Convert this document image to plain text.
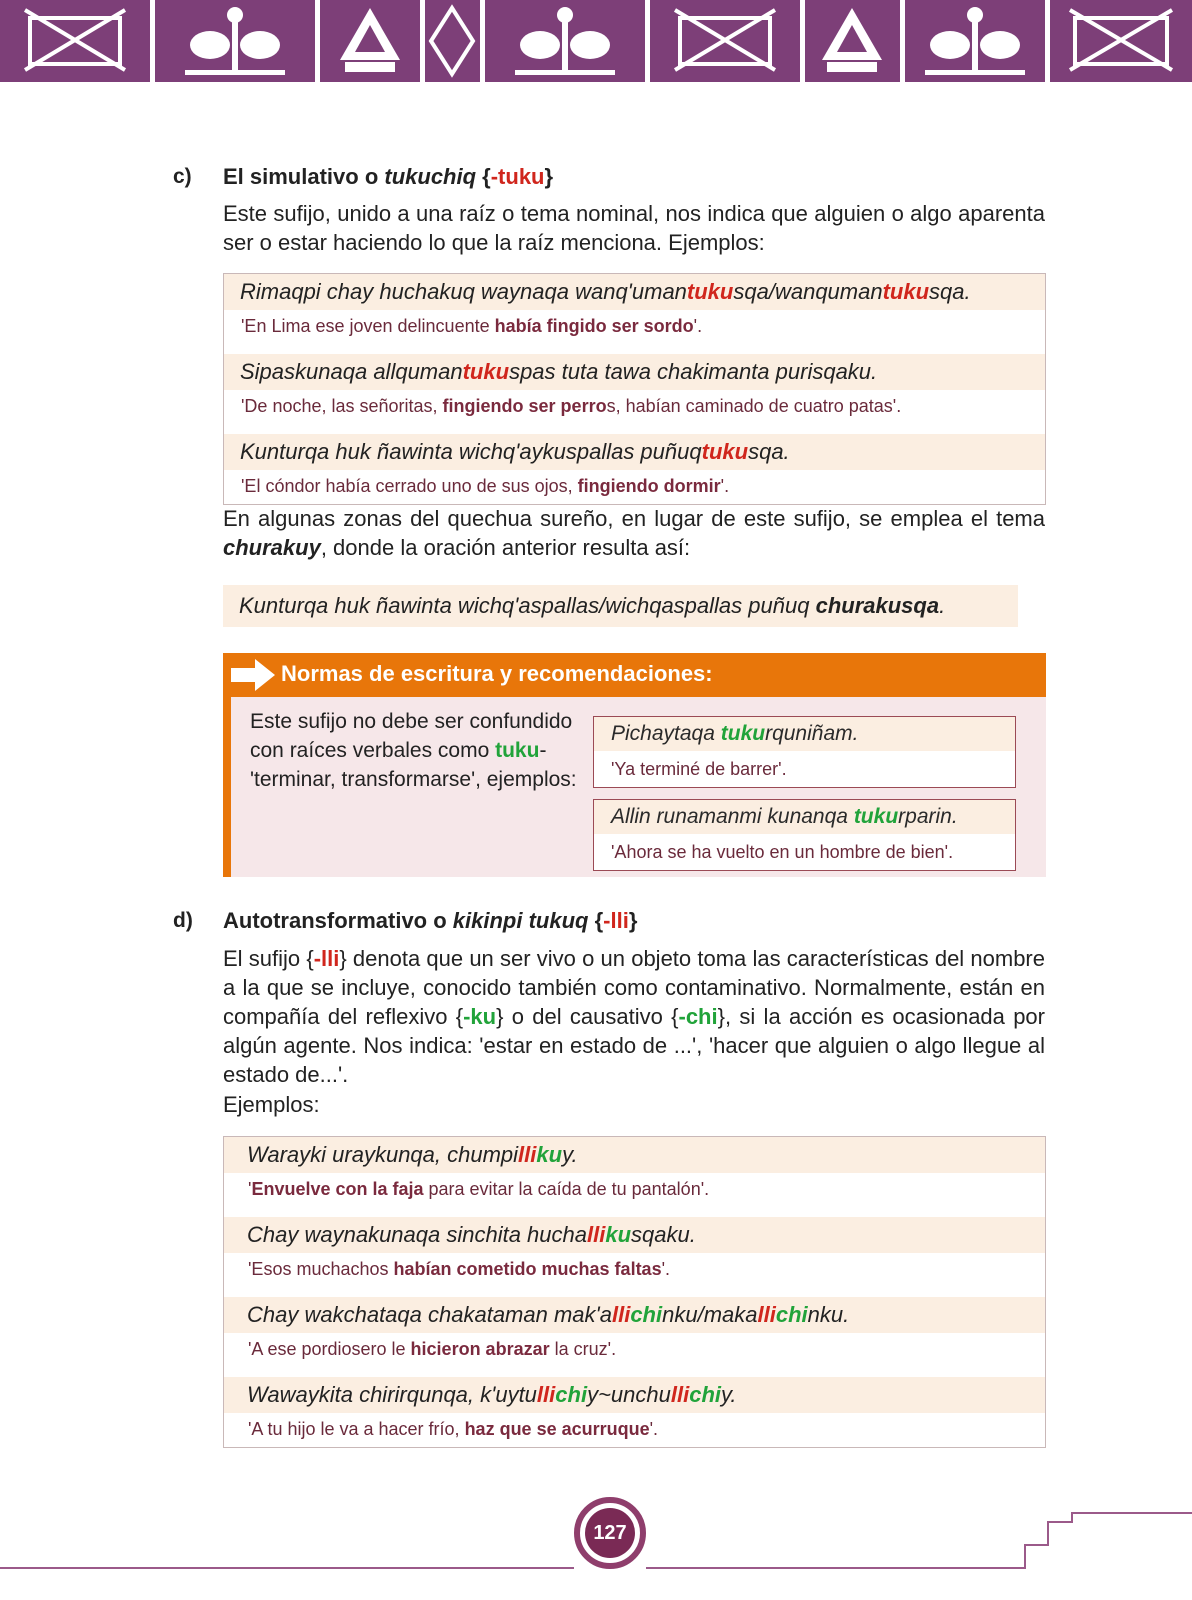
c) El simulativo o tukuchiq {-tuku}
Este sufijo, unido a una raíz o tema nominal, nos indica que alguien o algo aparenta ser o estar haciendo lo que la raíz menciona. Ejemplos:
Rimaqpi chay huchakuq waynaqa wanq'umantukusqa/wanqumantukusqa.
'En Lima ese joven delincuente había fingido ser sordo'.
Sipaskunaqa allqumantukuspas tuta tawa chakimanta purisqaku.
'De noche, las señoritas, fingiendo ser perros, habían caminado de cuatro patas'.
Kunturqa huk ñawinta wichq'aykuspallas puñuqtukusqa.
'El cóndor había cerrado uno de sus ojos, fingiendo dormir'.
En algunas zonas del quechua sureño, en lugar de este sufijo, se emplea el tema churakuy, donde la oración anterior resulta así:
Kunturqa huk ñawinta wichq'aspallas/wichqaspallas puñuq churakusqa.
Normas de escritura y recomendaciones:
Este sufijo no debe ser confundido con raíces verbales como tuku- 'terminar, transformarse', ejemplos:
Pichaytaqa tukurquniñam.
'Ya terminé de barrer'.
Allin runamanmi kunanqa tukurparin.
'Ahora se ha vuelto en un hombre de bien'.
d) Autotransformativo o kikinpi tukuq {-lli}
El sufijo {-lli} denota que un ser vivo o un objeto toma las características del nombre a la que se incluye, conocido también como contaminativo. Normalmente, están en compañía del reflexivo {-ku} o del causativo {-chi}, si la acción es ocasionada por algún agente. Nos indica: 'estar en estado de ...', 'hacer que alguien o algo llegue al estado de...'.
Ejemplos:
Warayki uraykunqa, chumpillikuy.
'Envuelve con la faja para evitar la caída de tu pantalón'.
Chay waynakunaqa sinchita huchallikusqaku.
'Esos muchachos habían cometido muchas faltas'.
Chay wakchataqa chakataman mak'allichinku/makallichinku.
'A ese pordiosero le hicieron abrazar la cruz'.
Wawaykita chirirqunqa, k'uytullichiy~unchullichiy.
'A tu hijo le va a hacer frío, haz que se acurruque'.
127
